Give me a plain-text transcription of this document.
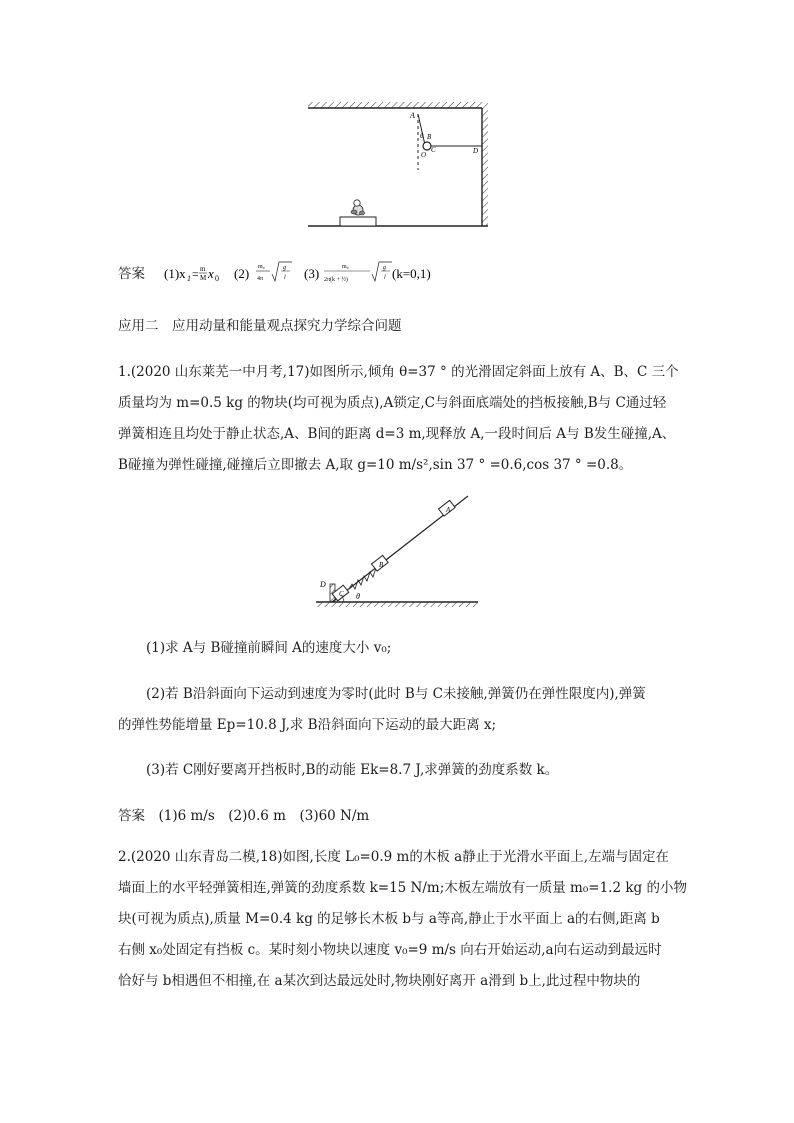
A
θ B
C
O	D
答案 (1)x 1 = m
M x 0 (2) m₀
4π
g
l (3)	m₀
2π(k + ½)
g
l (k=0,1)
应用二　应用动量和能量观点探究力学综合问题
1.(2020 山东莱芜一中月考,17)如图所示,倾角 θ=37 ° 的光滑固定斜面上放有 A、B、C 三个
质量均为 m=0.5 kg 的物块(均可视为质点),A锁定,C与斜面底端处的挡板接触,B与 C通过轻
弹簧相连且均处于静止状态,A、B间的距离 d=3 m,现释放 A,一段时间后 A与 B发生碰撞,A、
B碰撞为弹性碰撞,碰撞后立即撤去 A,取 g=10 m/s²,sin 37 ° =0.6,cos 37 ° =0.8。
D
C
B
A
θ
(1)求 A与 B碰撞前瞬间 A的速度大小 v₀;
(2)若 B沿斜面向下运动到速度为零时(此时 B与 C未接触,弹簧仍在弹性限度内),弹簧
的弹性势能增量 Ep=10.8 J,求 B沿斜面向下运动的最大距离 x;
(3)若 C刚好要离开挡板时,B的动能 Ek=8.7 J,求弹簧的劲度系数 k。
答案　(1)6 m/s　(2)0.6 m　(3)60 N/m
2.(2020 山东青岛二模,18)如图,长度 L₀=0.9 m的木板 a静止于光滑水平面上,左端与固定在
墙面上的水平轻弹簧相连,弹簧的劲度系数 k=15 N/m;木板左端放有一质量 m₀=1.2 kg 的小物
块(可视为质点),质量 M=0.4 kg 的足够长木板 b与 a等高,静止于水平面上 a的右侧,距离 b
右侧 x₀处固定有挡板 c。某时刻小物块以速度 v₀=9 m/s 向右开始运动,a向右运动到最远时
恰好与 b相遇但不相撞,在 a某次到达最远处时,物块刚好离开 a滑到 b上,此过程中物块的
